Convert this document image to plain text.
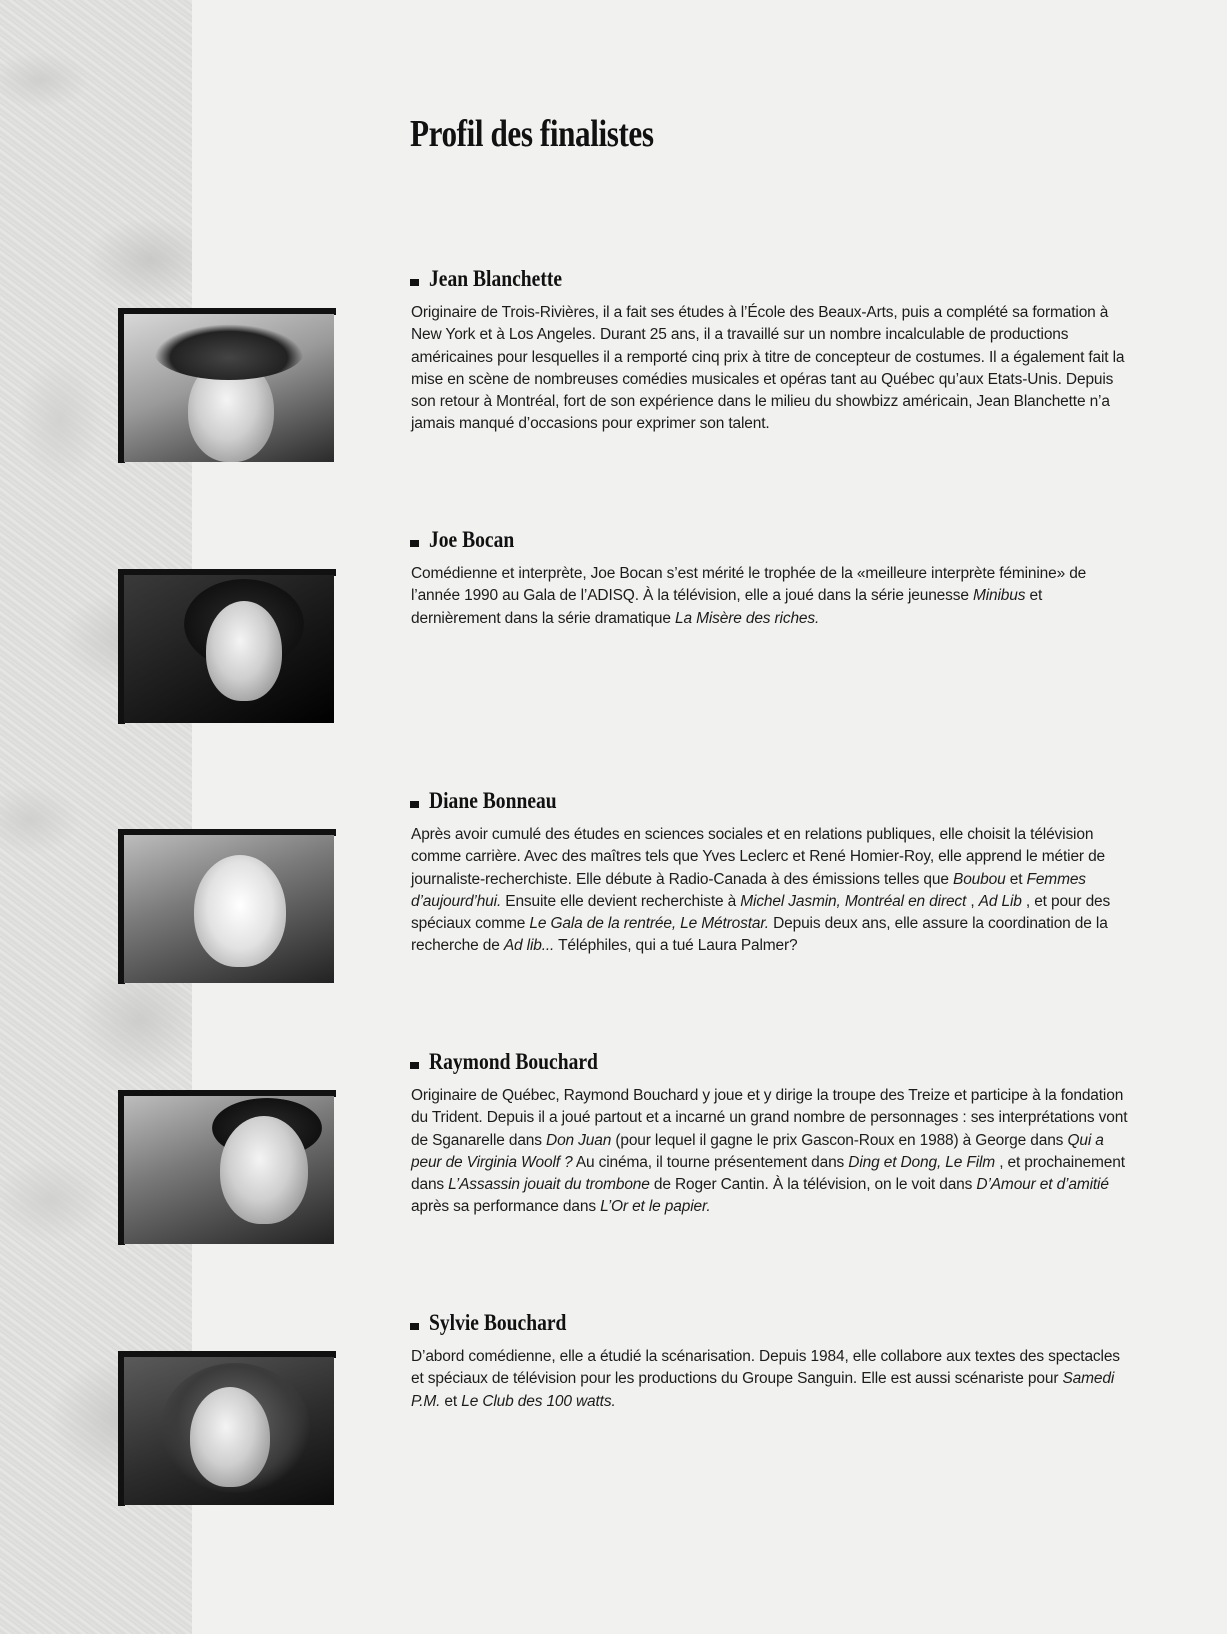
Profil des finalistes
Jean Blanchette

Originaire de Trois-Rivières, il a fait ses études à l’École des Beaux-Arts, puis a complété sa formation à New York et à Los Angeles. Durant 25 ans, il a travaillé sur un nombre incalculable de productions américaines pour lesquelles il a remporté cinq prix à titre de concepteur de costumes. Il a également fait la mise en scène de nombreuses comédies musicales et opéras tant au Québec qu’aux Etats-Unis. Depuis son retour à Montréal, fort de son expérience dans le milieu du showbizz américain, Jean Blanchette n’a jamais manqué d’occasions pour exprimer son talent.

Joe Bocan

Comédienne et interprète, Joe Bocan s’est mérité le trophée de la «meilleure interprète féminine» de l’année 1990 au Gala de l’ADISQ. À la télévision, elle a joué dans la série jeunesse Minibus et dernièrement dans la série dramatique La Misère des riches.

Diane Bonneau

Après avoir cumulé des études en sciences sociales et en relations publiques, elle choisit la télévision comme carrière. Avec des maîtres tels que Yves Leclerc et René Homier-Roy, elle apprend le métier de journaliste-recherchiste. Elle débute à Radio-Canada à des émissions telles que Boubou et Femmes d’aujourd’hui. Ensuite elle devient recherchiste à Michel Jasmin, Montréal en direct , Ad Lib , et pour des spéciaux comme Le Gala de la rentrée, Le Métrostar. Depuis deux ans, elle assure la coordination de la recherche de Ad lib... Téléphiles, qui a tué Laura Palmer?

Raymond Bouchard

Originaire de Québec, Raymond Bouchard y joue et y dirige la troupe des Treize et participe à la fondation du Trident. Depuis il a joué partout et a incarné un grand nombre de personnages : ses interprétations vont de Sganarelle dans Don Juan (pour lequel il gagne le prix Gascon-Roux en 1988) à George dans Qui a peur de Virginia Woolf ? Au cinéma, il tourne présentement dans Ding et Dong, Le Film , et prochainement dans L’Assassin jouait du trombone de Roger Cantin. À la télévision, on le voit dans D’Amour et d’amitié après sa performance dans L’Or et le papier.

Sylvie Bouchard

D’abord comédienne, elle a étudié la scénarisation. Depuis 1984, elle collabore aux textes des spectacles et spéciaux de télévision pour les productions du Groupe Sanguin. Elle est aussi scénariste pour Samedi P.M. et Le Club des 100 watts.
